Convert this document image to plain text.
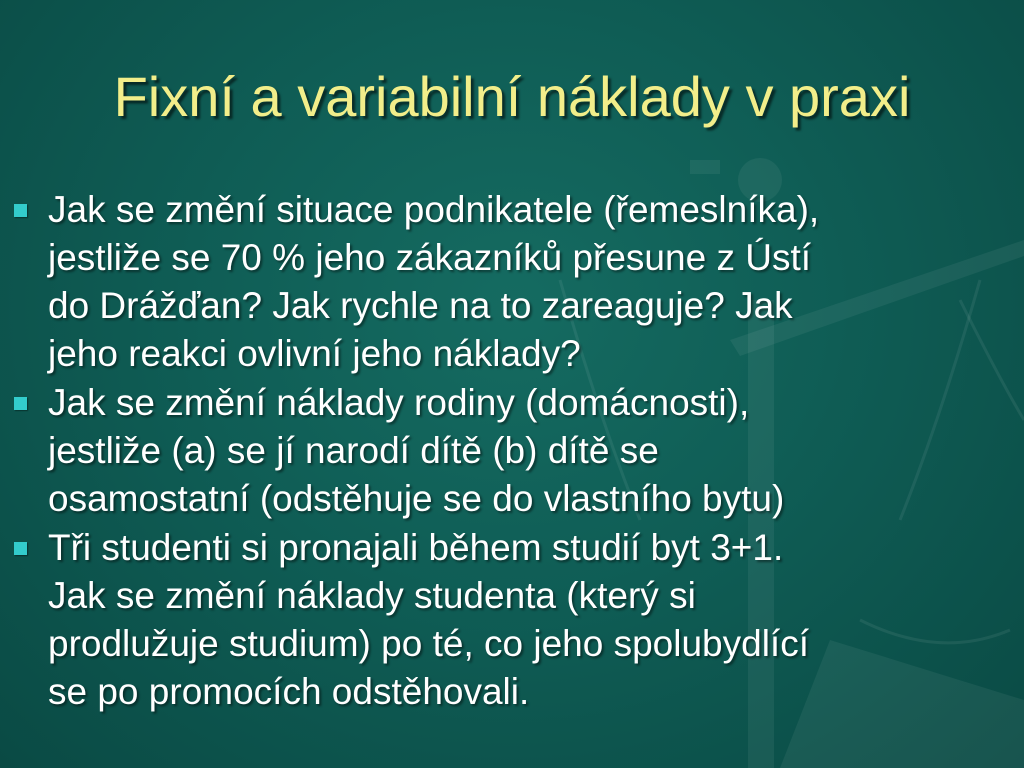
Fixní a variabilní náklady v praxi
Jak se změní situace podnikatele (řemeslníka),
jestliže se 70 % jeho zákazníků přesune z Ústí
do Drážďan? Jak rychle na to zareaguje? Jak
jeho reakci ovlivní jeho náklady?
Jak se změní náklady rodiny (domácnosti),
jestliže (a) se jí narodí dítě (b) dítě se
osamostatní (odstěhuje se do vlastního bytu)
Tři studenti si pronajali během studií byt 3+1.
Jak se změní náklady studenta (který si
prodlužuje studium) po té, co jeho spolubydlící
se po promocích odstěhovali.
